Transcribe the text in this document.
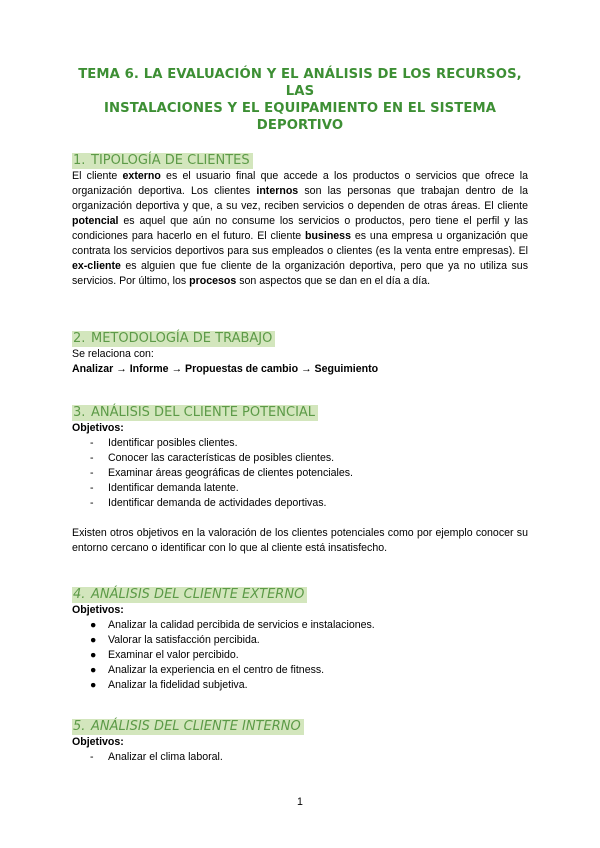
TEMA 6. LA EVALUACIÓN Y EL ANÁLISIS DE LOS RECURSOS, LAS
INSTALACIONES Y EL EQUIPAMIENTO EN EL SISTEMA
DEPORTIVO
1. TIPOLOGÍA DE CLIENTES

El cliente externo es el usuario final que accede a los productos o servicios que ofrece la organización deportiva. Los clientes internos son las personas que trabajan dentro de la organización deportiva y que, a su vez, reciben servicios o dependen de otras áreas. El cliente potencial es aquel que aún no consume los servicios o productos, pero tiene el perfil y las condiciones para hacerlo en el futuro. El cliente business es una empresa u organización que contrata los servicios deportivos para sus empleados o clientes (es la venta entre empresas). El ex-cliente es alguien que fue cliente de la organización deportiva, pero que ya no utiliza sus servicios. Por último, los procesos son aspectos que se dan en el día a día.

2. METODOLOGÍA DE TRABAJO

Se relaciona con:

Analizar → Informe → Propuestas de cambio → Seguimiento

3. ANÁLISIS DEL CLIENTE POTENCIAL

Objetivos:

- Identificar posibles clientes.
- Conocer las características de posibles clientes.
- Examinar áreas geográficas de clientes potenciales.
- Identificar demanda latente.
- Identificar demanda de actividades deportivas.

Existen otros objetivos en la valoración de los clientes potenciales como por ejemplo conocer su entorno cercano o identificar con lo que al cliente está insatisfecho.

4. ANÁLISIS DEL CLIENTE EXTERNO

Objetivos:

● Analizar la calidad percibida de servicios e instalaciones.
● Valorar la satisfacción percibida.
● Examinar el valor percibido.
● Analizar la experiencia en el centro de fitness.
● Analizar la fidelidad subjetiva.
5. ANÁLISIS DEL CLIENTE INTERNO

Objetivos:

- Analizar el clima laboral.
1
